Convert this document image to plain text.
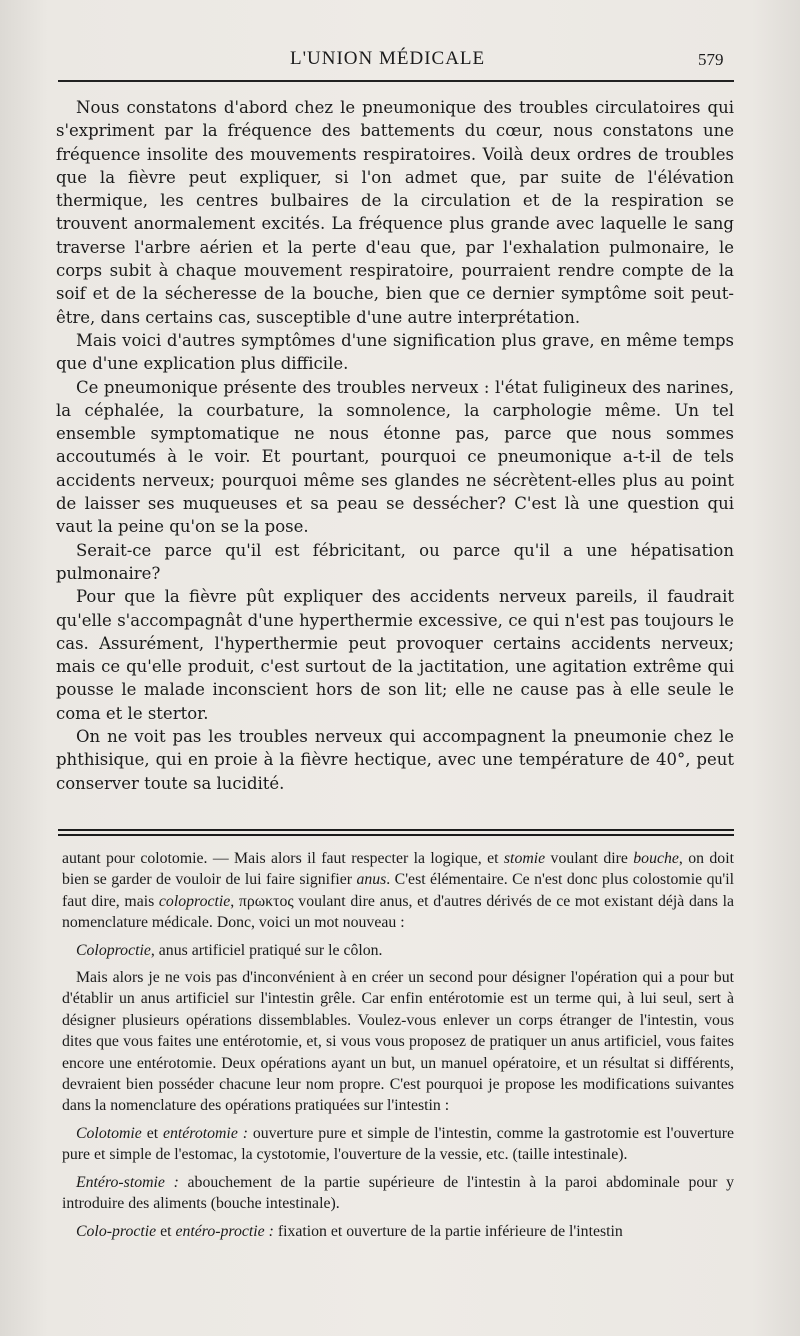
L'UNION MÉDICALE	579

Nous constatons d'abord chez le pneumonique des troubles circulatoires qui s'expriment par la fréquence des battements du cœur, nous constatons une fréquence insolite des mouvements respiratoires. Voilà deux ordres de troubles que la fièvre peut expliquer, si l'on admet que, par suite de l'élévation thermique, les centres bulbaires de la circulation et de la respiration se trouvent anormalement excités. La fréquence plus grande avec laquelle le sang traverse l'arbre aérien et la perte d'eau que, par l'exhalation pulmonaire, le corps subit à chaque mouvement respiratoire, pourraient rendre compte de la soif et de la sécheresse de la bouche, bien que ce dernier symptôme soit peut-être, dans certains cas, susceptible d'une autre interprétation.

Mais voici d'autres symptômes d'une signification plus grave, en même temps que d'une explication plus difficile.

Ce pneumonique présente des troubles nerveux : l'état fuligineux des narines, la céphalée, la courbature, la somnolence, la carphologie même. Un tel ensemble symptomatique ne nous étonne pas, parce que nous sommes accoutumés à le voir. Et pourtant, pourquoi ce pneumonique a-t-il de tels accidents nerveux; pourquoi même ses glandes ne sécrètent-elles plus au point de laisser ses muqueuses et sa peau se dessécher? C'est là une question qui vaut la peine qu'on se la pose.

Serait-ce parce qu'il est fébricitant, ou parce qu'il a une hépatisation pulmonaire?

Pour que la fièvre pût expliquer des accidents nerveux pareils, il faudrait qu'elle s'accompagnât d'une hyperthermie excessive, ce qui n'est pas toujours le cas. Assurément, l'hyperthermie peut provoquer certains accidents nerveux; mais ce qu'elle produit, c'est surtout de la jactitation, une agitation extrême qui pousse le malade inconscient hors de son lit; elle ne cause pas à elle seule le coma et le stertor.

On ne voit pas les troubles nerveux qui accompagnent la pneumonie chez le phthisique, qui en proie à la fièvre hectique, avec une température de 40°, peut conserver toute sa lucidité.

autant pour colotomie. — Mais alors il faut respecter la logique, et stomie voulant dire bouche, on doit bien se garder de vouloir de lui faire signifier anus. C'est élémentaire. Ce n'est donc plus colostomie qu'il faut dire, mais coloproctie, πρωκτος voulant dire anus, et d'autres dérivés de ce mot existant déjà dans la nomenclature médicale. Donc, voici un mot nouveau :

Coloproctie, anus artificiel pratiqué sur le côlon.

Mais alors je ne vois pas d'inconvénient à en créer un second pour désigner l'opération qui a pour but d'établir un anus artificiel sur l'intestin grêle. Car enfin entérotomie est un terme qui, à lui seul, sert à désigner plusieurs opérations dissemblables. Voulez-vous enlever un corps étranger de l'intestin, vous dites que vous faites une entérotomie, et, si vous vous proposez de pratiquer un anus artificiel, vous faites encore une entérotomie. Deux opérations ayant un but, un manuel opératoire, et un résultat si différents, devraient bien posséder chacune leur nom propre. C'est pourquoi je propose les modifications suivantes dans la nomenclature des opérations pratiquées sur l'intestin :

Colotomie et entérotomie : ouverture pure et simple de l'intestin, comme la gastrotomie est l'ouverture pure et simple de l'estomac, la cystotomie, l'ouverture de la vessie, etc. (taille intestinale).

Entéro-stomie : abouchement de la partie supérieure de l'intestin à la paroi abdominale pour y introduire des aliments (bouche intestinale).

Colo-proctie et entéro-proctie : fixation et ouverture de la partie inférieure de l'intestin
